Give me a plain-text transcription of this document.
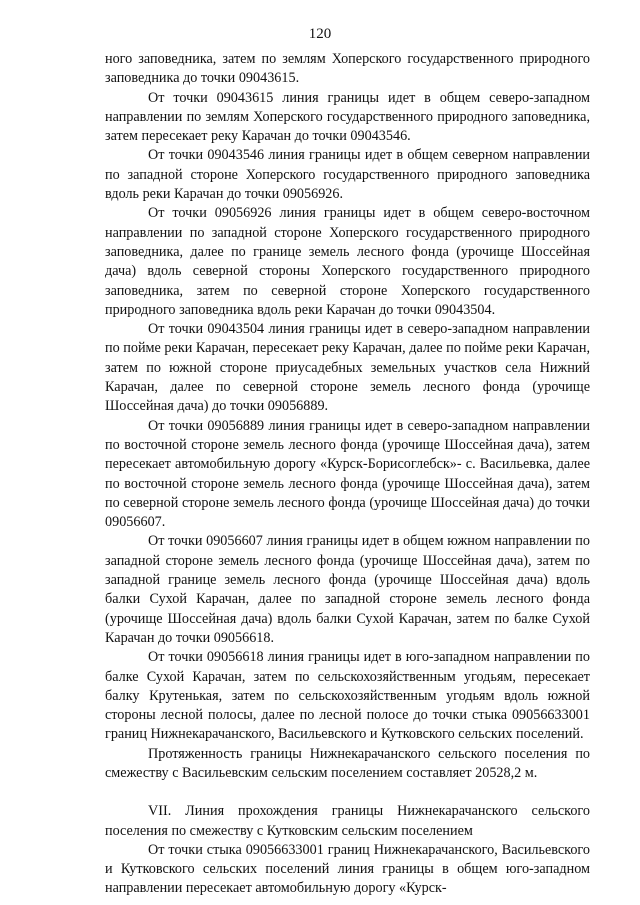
120

ного заповедника, затем по землям Хоперского государственного природного заповедника до точки 09043615.

От точки 09043615 линия границы идет в общем северо-западном направлении по землям Хоперского государственного природного заповедника, затем пересекает реку Карачан до точки 09043546.

От точки 09043546 линия границы идет в общем северном направлении по западной стороне Хоперского государственного природного заповедника вдоль реки Карачан до точки 09056926.

От точки 09056926 линия границы идет в общем северо-восточном направлении по западной стороне Хоперского государственного природного заповедника, далее по границе земель лесного фонда (урочище Шоссейная дача) вдоль северной стороны Хоперского государственного природного заповедника, затем по северной стороне Хоперского государственного природного заповедника вдоль реки Карачан до точки 09043504.

От точки 09043504 линия границы идет в северо-западном направлении по пойме реки Карачан, пересекает реку Карачан, далее по пойме реки Карачан, затем по южной стороне приусадебных земельных участков села Нижний Карачан, далее по северной стороне земель лесного фонда (урочище Шоссейная дача) до точки 09056889.

От точки 09056889 линия границы идет в северо-западном направлении по восточной стороне земель лесного фонда (урочище Шоссейная дача), затем пересекает автомобильную дорогу «Курск-Борисоглебск»- с. Васильевка, далее по восточной стороне земель лесного фонда (урочище Шоссейная дача), затем по северной стороне земель лесного фонда (урочище Шоссейная дача) до точки 09056607.

От точки 09056607 линия границы идет в общем южном направлении по западной стороне земель лесного фонда (урочище Шоссейная дача), затем по западной границе земель лесного фонда (урочище Шоссейная дача) вдоль балки Сухой Карачан, далее по западной стороне земель лесного фонда (урочище Шоссейная дача) вдоль балки Сухой Карачан, затем по балке Сухой Карачан до точки 09056618.

От точки 09056618 линия границы идет в юго-западном направлении по балке Сухой Карачан, затем по сельскохозяйственным угодьям, пересекает балку Крутенькая, затем по сельскохозяйственным угодьям вдоль южной стороны лесной полосы, далее по лесной полосе до точки стыка 09056633001 границ Нижнекарачанского, Васильевского и Кутковского сельских поселений.

Протяженность границы Нижнекарачанского сельского поселения по смежеству с Васильевским сельским поселением составляет 20528,2 м.

VII. Линия прохождения границы Нижнекарачанского сельского поселения по смежеству с Кутковским сельским поселением

От точки стыка 09056633001 границ Нижнекарачанского, Васильевского и Кутковского сельских поселений линия границы в общем юго-западном направлении пересекает автомобильную дорогу «Курск-
